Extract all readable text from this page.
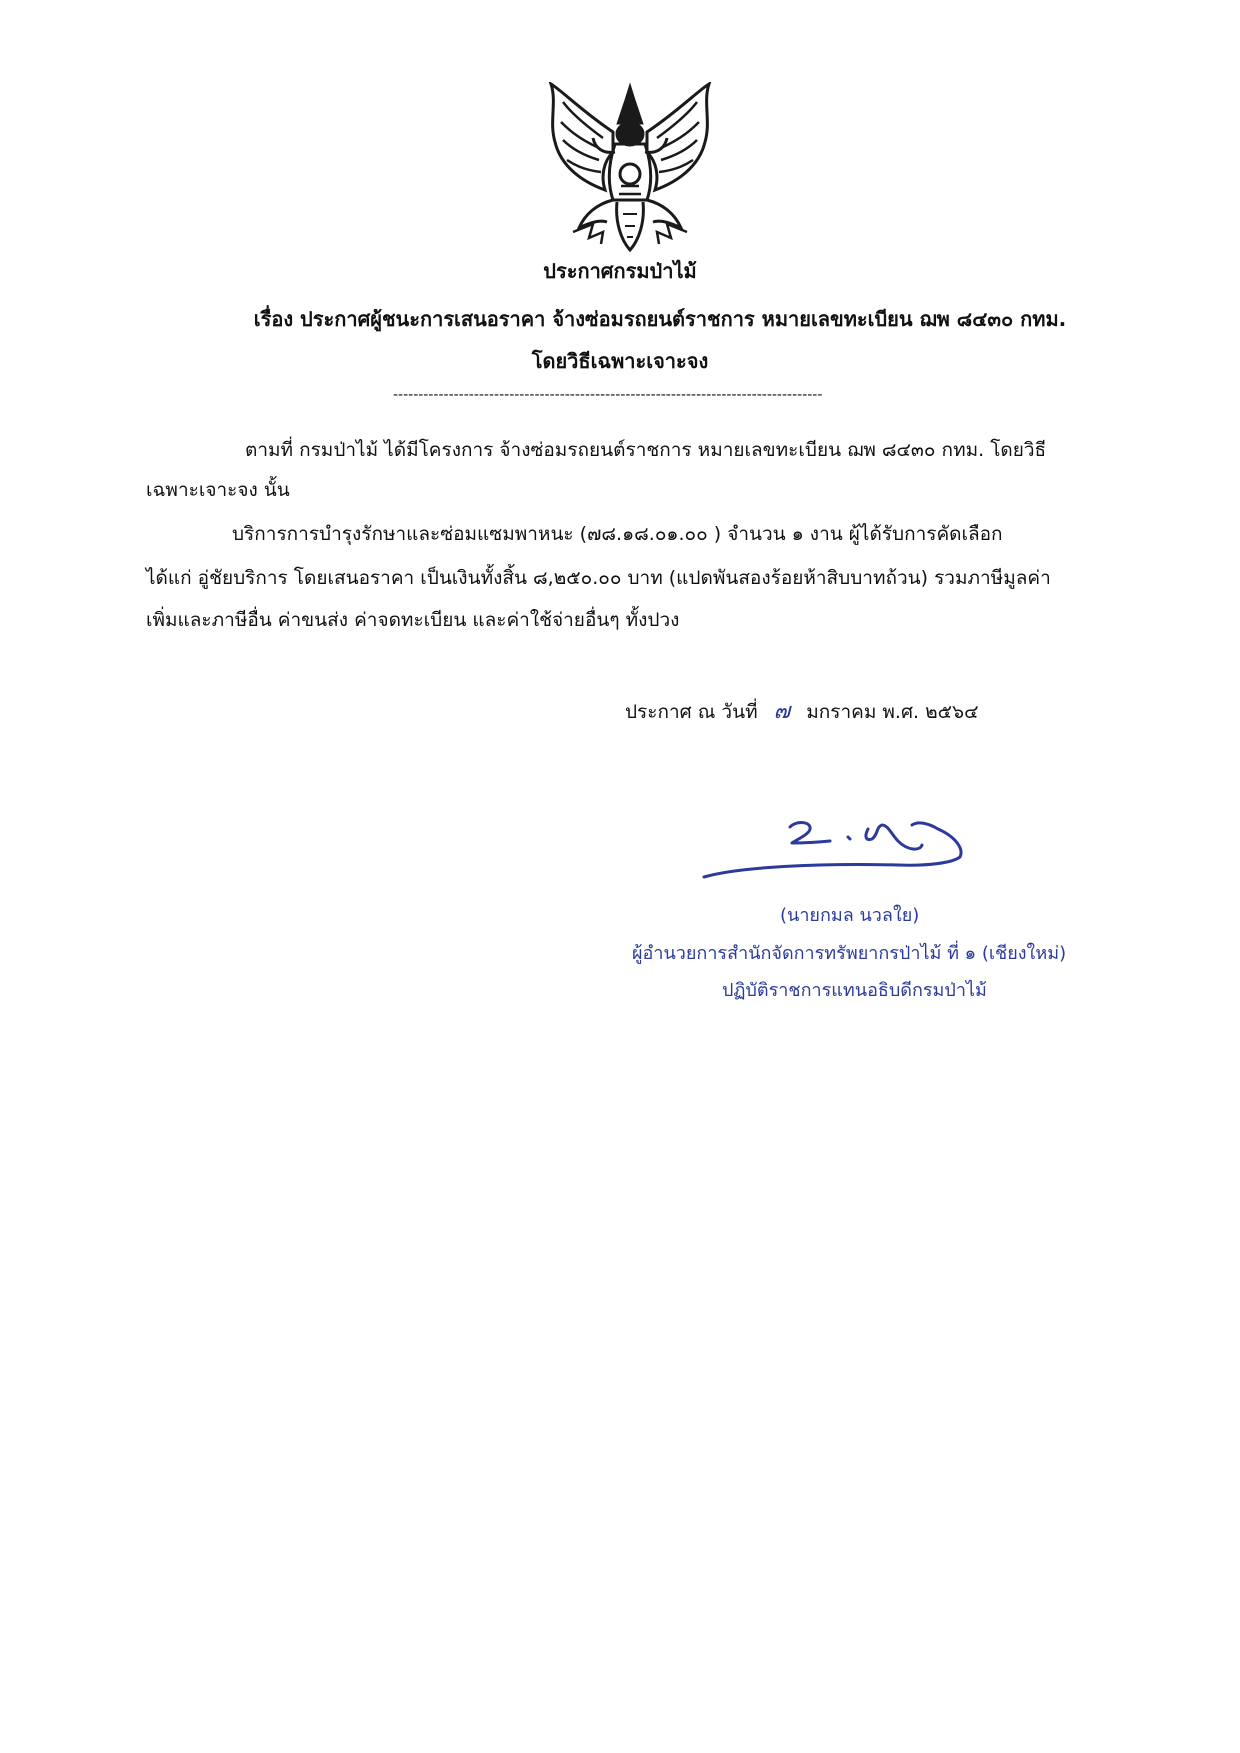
ประกาศกรมป่าไม้
เรื่อง ประกาศผู้ชนะการเสนอราคา จ้างซ่อมรถยนต์ราชการ หมายเลขทะเบียน ฌพ ๘๔๓๐ กทม.
โดยวิธีเฉพาะเจาะจง
-------------------------------------------------------------------------------------
ตามที่ กรมป่าไม้ ได้มีโครงการ จ้างซ่อมรถยนต์ราชการ หมายเลขทะเบียน ฌพ ๘๔๓๐ กทม. โดยวิธี
เฉพาะเจาะจง นั้น
บริการการบำรุงรักษาและซ่อมแซมพาหนะ (๗๘.๑๘.๐๑.๐๐ ) จำนวน ๑ งาน ผู้ได้รับการคัดเลือก
ได้แก่ อู่ชัยบริการ โดยเสนอราคา เป็นเงินทั้งสิ้น ๘,๒๕๐.๐๐ บาท (แปดพันสองร้อยห้าสิบบาทถ้วน) รวมภาษีมูลค่า
เพิ่มและภาษีอื่น ค่าขนส่ง ค่าจดทะเบียน และค่าใช้จ่ายอื่นๆ ทั้งปวง
ประกาศ ณ วันที่ ๗ มกราคม พ.ศ. ๒๕๖๔
(นายกมล นวลใย)
ผู้อำนวยการสำนักจัดการทรัพยากรป่าไม้ ที่ ๑ (เชียงใหม่)
ปฏิบัติราชการแทนอธิบดีกรมป่าไม้
